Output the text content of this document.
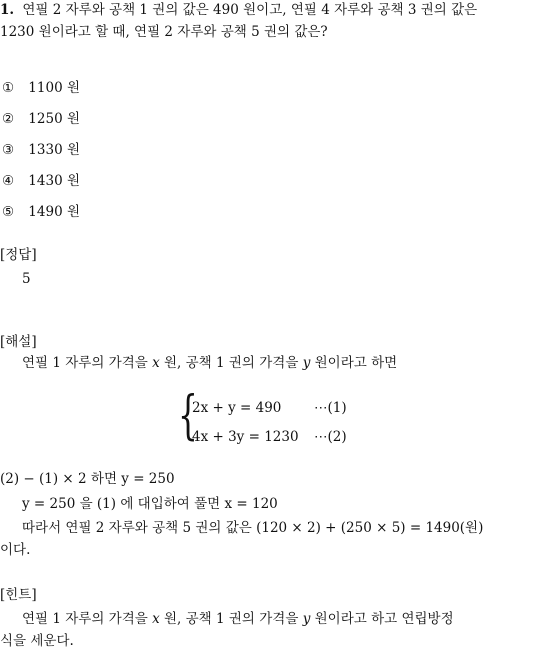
1. 연필 2 자루와 공책 1 권의 값은 490 원이고, 연필 4 자루와 공책 3 권의 값은
1230 원이라고 할 때, 연필 2 자루와 공책 5 권의 값은?
① 1100 원
② 1250 원
③ 1330 원
④ 1430 원
⑤ 1490 원
[정답]
5
[해설]
연필 1 자루의 가격을 x 원, 공책 1 권의 가격을 y 원이라고 하면
{
2x + y = 490 ⋯(1)
4x + 3y = 1230 ⋯(2)
(2) − (1) × 2 하면 y = 250
y = 250 을 (1) 에 대입하여 풀면 x = 120
따라서 연필 2 자루와 공책 5 권의 값은 (120 × 2) + (250 × 5) = 1490(원)
이다.
[힌트]
연필 1 자루의 가격을 x 원, 공책 1 권의 가격을 y 원이라고 하고 연립방정
식을 세운다.
